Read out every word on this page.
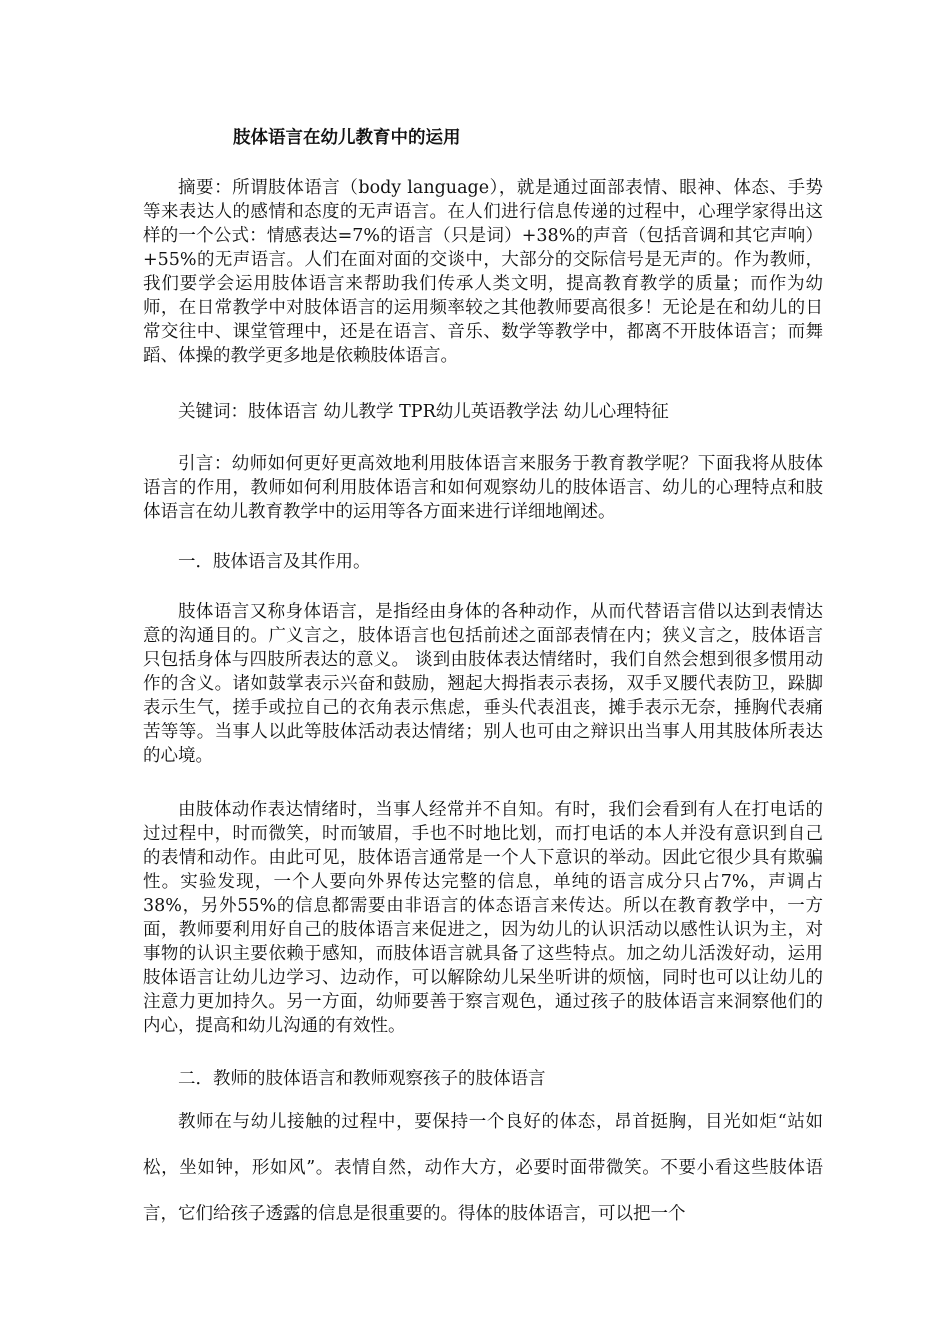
肢体语言在幼儿教育中的运用

摘要：所谓肢体语言（body language），就是通过面部表情、眼神、体态、手势等来表达人的感情和态度的无声语言。在人们进行信息传递的过程中，心理学家得出这样的一个公式：情感表达=7%的语言（只是词）+38%的声音（包括音调和其它声响）+55%的无声语言。人们在面对面的交谈中，大部分的交际信号是无声的。作为教师，我们要学会运用肢体语言来帮助我们传承人类文明，提高教育教学的质量；而作为幼师，在日常教学中对肢体语言的运用频率较之其他教师要高很多！无论是在和幼儿的日常交往中、课堂管理中，还是在语言、音乐、数学等教学中，都离不开肢体语言；而舞蹈、体操的教学更多地是依赖肢体语言。

关键词：肢体语言 幼儿教学 TPR幼儿英语教学法 幼儿心理特征

引言：幼师如何更好更高效地利用肢体语言来服务于教育教学呢？下面我将从肢体语言的作用，教师如何利用肢体语言和如何观察幼儿的肢体语言、幼儿的心理特点和肢体语言在幼儿教育教学中的运用等各方面来进行详细地阐述。

一．肢体语言及其作用。

肢体语言又称身体语言，是指经由身体的各种动作，从而代替语言借以达到表情达意的沟通目的。广义言之，肢体语言也包括前述之面部表情在内；狭义言之，肢体语言只包括身体与四肢所表达的意义。 谈到由肢体表达情绪时，我们自然会想到很多惯用动作的含义。诸如鼓掌表示兴奋和鼓励，翘起大拇指表示表扬，双手叉腰代表防卫，跺脚表示生气，搓手或拉自己的衣角表示焦虑，垂头代表沮丧，摊手表示无奈，捶胸代表痛苦等等。当事人以此等肢体活动表达情绪；别人也可由之辩识出当事人用其肢体所表达的心境。

由肢体动作表达情绪时，当事人经常并不自知。有时，我们会看到有人在打电话的过过程中，时而微笑，时而皱眉，手也不时地比划，而打电话的本人并没有意识到自己的表情和动作。由此可见，肢体语言通常是一个人下意识的举动。因此它很少具有欺骗性。实验发现，一个人要向外界传达完整的信息，单纯的语言成分只占7%，声调占38%，另外55%的信息都需要由非语言的体态语言来传达。所以在教育教学中，一方面，教师要利用好自己的肢体语言来促进之，因为幼儿的认识活动以感性认识为主，对事物的认识主要依赖于感知，而肢体语言就具备了这些特点。加之幼儿活泼好动，运用肢体语言让幼儿边学习、边动作，可以解除幼儿呆坐听讲的烦恼，同时也可以让幼儿的注意力更加持久。另一方面，幼师要善于察言观色，通过孩子的肢体语言来洞察他们的内心，提高和幼儿沟通的有效性。

二．教师的肢体语言和教师观察孩子的肢体语言

教师在与幼儿接触的过程中，要保持一个良好的体态，昂首挺胸，目光如炬“站如松，坐如钟，形如风”。表情自然，动作大方，必要时面带微笑。不要小看这些肢体语言，它们给孩子透露的信息是很重要的。得体的肢体语言，可以把一个
